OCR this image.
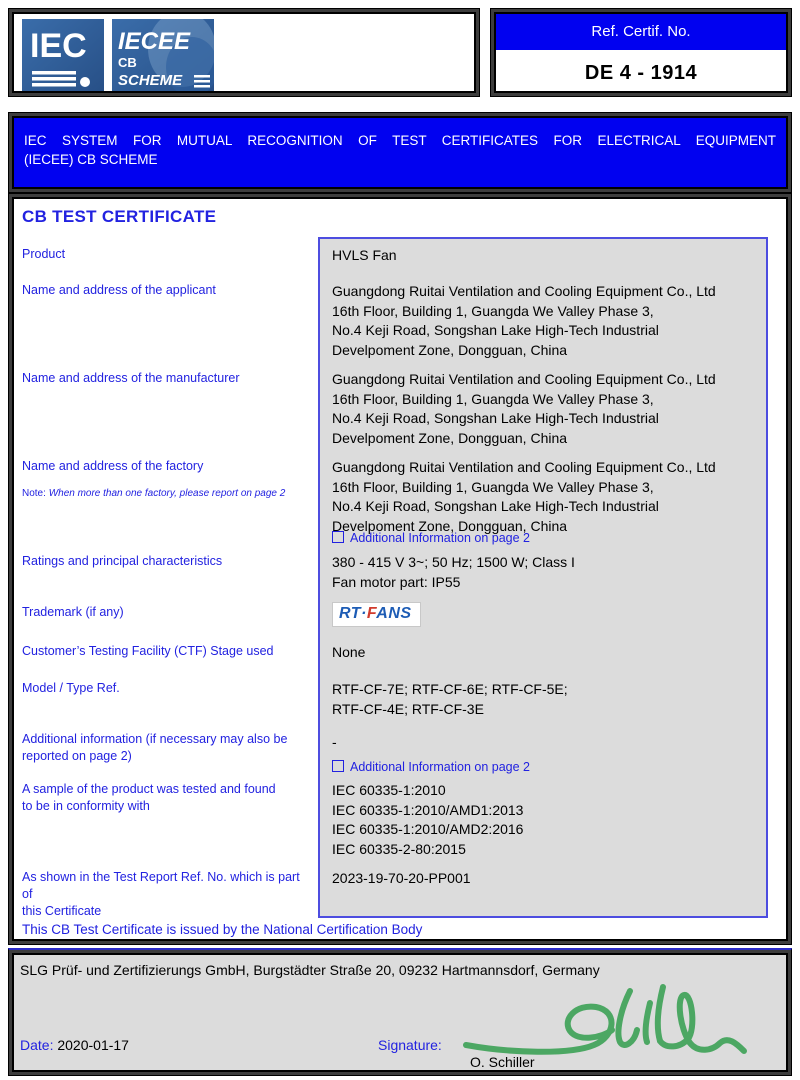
IEC IECEE
CB
SCHEME
Ref. Certif. No.
DE 4 - 1914
IEC SYSTEM FOR MUTUAL RECOGNITION OF TEST CERTIFICATES FOR ELECTRICAL EQUIPMENT
(IECEE) CB SCHEME
CB TEST CERTIFICATE
Product
Name and address of the applicant
Name and address of the manufacturer
Name and address of the factory
Note: When more than one factory, please report on page 2
Ratings and principal characteristics
Trademark (if any)
Customer’s Testing Facility (CTF) Stage used
Model / Type Ref.
Additional information (if necessary may also be
reported on page 2)
A sample of the product was tested and found
to be in conformity with
As shown in the Test Report Ref. No. which is part of
this Certificate
HVLS Fan
Guangdong Ruitai Ventilation and Cooling Equipment Co., Ltd
16th Floor, Building 1, Guangda We Valley Phase 3,
No.4 Keji Road, Songshan Lake High-Tech Industrial
Develpoment Zone, Dongguan, China
Guangdong Ruitai Ventilation and Cooling Equipment Co., Ltd
16th Floor, Building 1, Guangda We Valley Phase 3,
No.4 Keji Road, Songshan Lake High-Tech Industrial
Develpoment Zone, Dongguan, China
Guangdong Ruitai Ventilation and Cooling Equipment Co., Ltd
16th Floor, Building 1, Guangda We Valley Phase 3,
No.4 Keji Road, Songshan Lake High-Tech Industrial
Develpoment Zone, Dongguan, China
Additional Information on page 2
380 - 415 V 3~; 50 Hz; 1500 W; Class I
Fan motor part: IP55
RT·FANS
None
RTF-CF-7E; RTF-CF-6E; RTF-CF-5E;
RTF-CF-4E; RTF-CF-3E
-
Additional Information on page 2
IEC 60335-1:2010
IEC 60335-1:2010/AMD1:2013
IEC 60335-1:2010/AMD2:2016
IEC 60335-2-80:2015
2023-19-70-20-PP001
This CB Test Certificate is issued by the National Certification Body
SLG Prüf- und Zertifizierungs GmbH, Burgstädter Straße 20, 09232 Hartmannsdorf, Germany
Date: 2020-01-17	Signature:
O. Schiller
